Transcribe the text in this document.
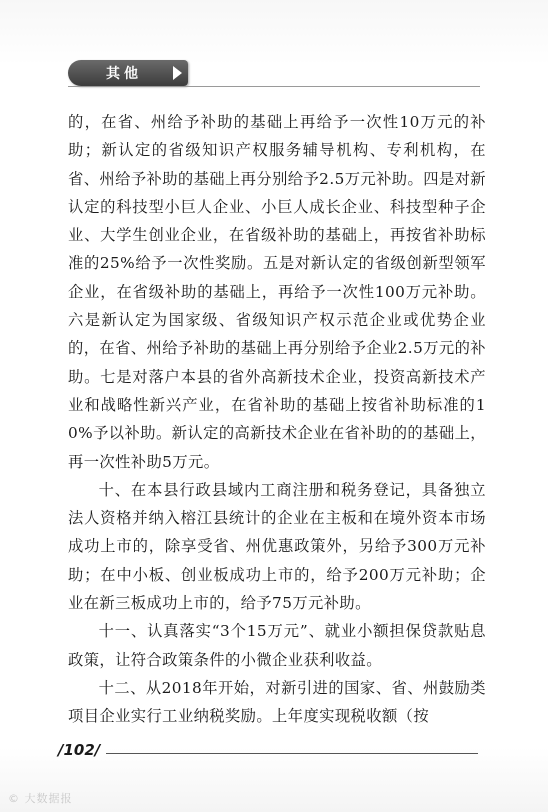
其他

的，在省、州给予补助的基础上再给予一次性10万元的补助；新认定的省级知识产权服务辅导机构、专利机构，在省、州给予补助的基础上再分别给予2.5万元补助。四是对新认定的科技型小巨人企业、小巨人成长企业、科技型种子企业、大学生创业企业，在省级补助的基础上，再按省补助标准的25%给予一次性奖励。五是对新认定的省级创新型领军企业，在省级补助的基础上，再给予一次性100万元补助。六是新认定为国家级、省级知识产权示范企业或优势企业的，在省、州给予补助的基础上再分别给予企业2.5万元的补助。七是对落户本县的省外高新技术企业，投资高新技术产业和战略性新兴产业，在省补助的基础上按省补助标准的10%予以补助。新认定的高新技术企业在省补助的的基础上，再一次性补助5万元。

十、在本县行政县域内工商注册和税务登记，具备独立法人资格并纳入榕江县统计的企业在主板和在境外资本市场成功上市的，除享受省、州优惠政策外，另给予300万元补助；在中小板、创业板成功上市的，给予200万元补助；企业在新三板成功上市的，给予75万元补助。

十一、认真落实“3个15万元”、就业小额担保贷款贴息政策，让符合政策条件的小微企业获利收益。

十二、从2018年开始，对新引进的国家、省、州鼓励类项目企业实行工业纳税奖励。上年度实现税收额（按

/102/
© 大数据报
